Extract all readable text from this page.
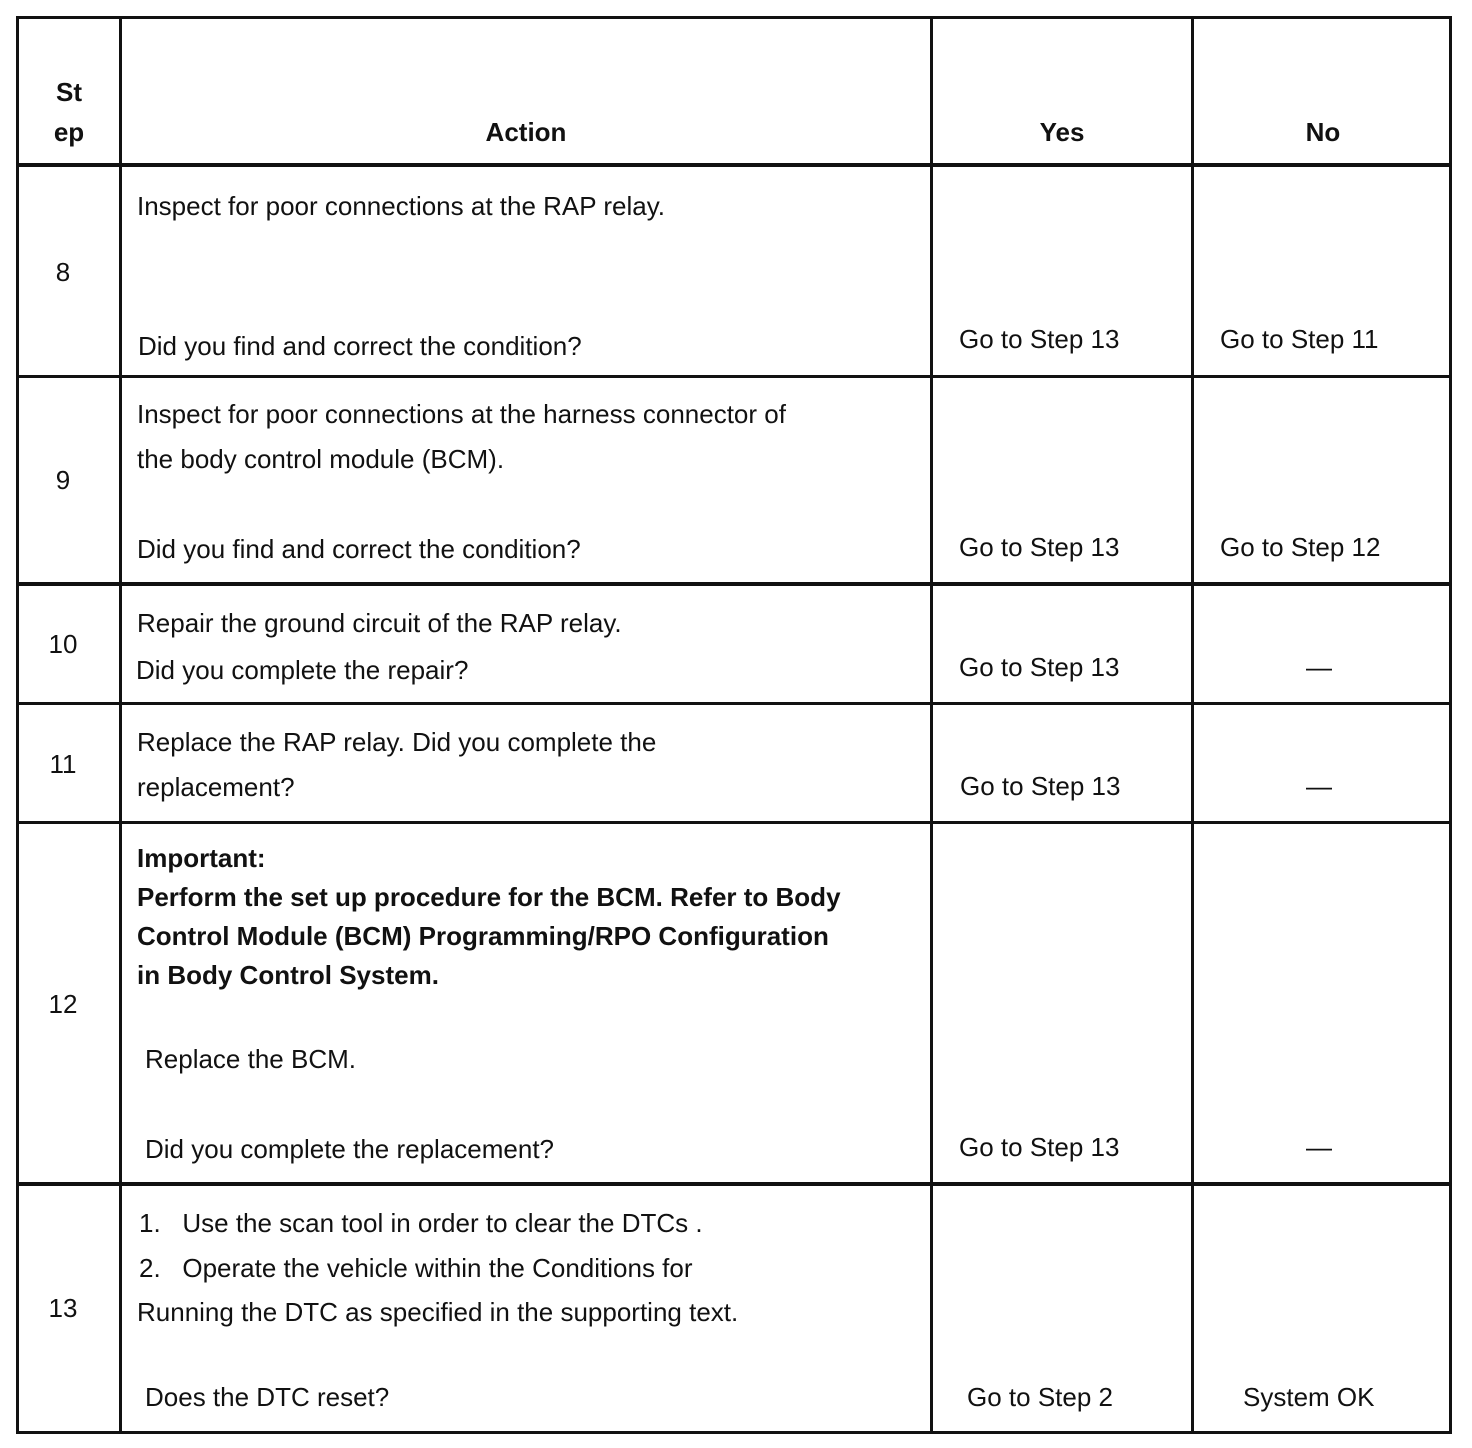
St
ep	Action	Yes	No
8
Inspect for poor connections at the RAP relay.
Did you find and correct the condition?	Go to Step 13	Go to Step 11
9
Inspect for poor connections at the harness connector of
the body control module (BCM).
Did you find and correct the condition?	Go to Step 13	Go to Step 12
10
Repair the ground circuit of the RAP relay.
Did you complete the repair?	Go to Step 13	—
11
Replace the RAP relay. Did you complete the
replacement?	Go to Step 13	—
12
Important:
Perform the set up procedure for the BCM. Refer to Body
Control Module (BCM) Programming/RPO Configuration
in Body Control System.
Replace the BCM.
Did you complete the replacement?	Go to Step 13	—
13
1.   Use the scan tool in order to clear the DTCs .
2.   Operate the vehicle within the Conditions for
Running the DTC as specified in the supporting text.
Does the DTC reset?	Go to Step 2	System OK
